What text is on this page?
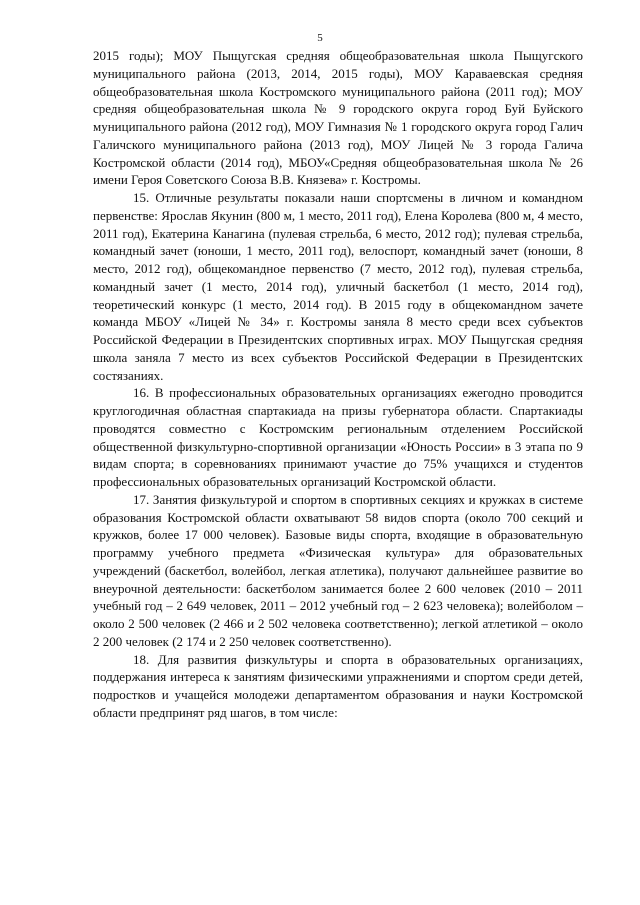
5

2015 годы); МОУ Пыщугская средняя общеобразовательная школа Пыщугского муниципального района (2013, 2014, 2015 годы), МОУ Караваевская средняя общеобразовательная школа Костромского муниципального района (2011 год); МОУ средняя общеобразовательная школа № 9 городского округа город Буй Буйского муниципального района (2012 год), МОУ Гимназия № 1 городского округа город Галич Галичского муниципального района (2013 год), МОУ Лицей № 3 города Галича Костромской области (2014 год), МБОУ«Средняя общеобразовательная школа № 26 имени Героя Советского Союза В.В. Князева» г. Костромы.

15. Отличные результаты показали наши спортсмены в личном и командном первенстве: Ярослав Якунин (800 м, 1 место, 2011 год), Елена Королева (800 м, 4 место, 2011 год), Екатерина Канагина (пулевая стрельба, 6 место, 2012 год); пулевая стрельба, командный зачет (юноши, 1 место, 2011 год), велоспорт, командный зачет (юноши, 8 место, 2012 год), общекомандное первенство (7 место, 2012 год), пулевая стрельба, командный зачет (1 место, 2014 год), уличный баскетбол (1 место, 2014 год), теоретический конкурс (1 место, 2014 год). В 2015 году в общекомандном зачете команда МБОУ «Лицей № 34» г. Костромы заняла 8 место среди всех субъектов Российской Федерации в Президентских спортивных играх. МОУ Пыщугская средняя школа заняла 7 место из всех субъектов Российской Федерации в Президентских состязаниях.

16. В профессиональных образовательных организациях ежегодно проводится круглогодичная областная спартакиада на призы губернатора области. Спартакиады проводятся совместно с Костромским региональным отделением Российской общественной физкультурно-спортивной организации «Юность России» в 3 этапа по 9 видам спорта; в соревнованиях принимают участие до 75% учащихся и студентов профессиональных образовательных организаций Костромской области.

17. Занятия физкультурой и спортом в спортивных секциях и кружках в системе образования Костромской области охватывают 58 видов спорта (около 700 секций и кружков, более 17 000 человек). Базовые виды спорта, входящие в образовательную программу учебного предмета «Физическая культура» для образовательных учреждений (баскетбол, волейбол, легкая атлетика), получают дальнейшее развитие во внеурочной деятельности: баскетболом занимается более 2 600 человек (2010 – 2011 учебный год – 2 649 человек, 2011 – 2012 учебный год – 2 623 человека); волейболом – около 2 500 человек (2 466 и 2 502 человека соответственно); легкой атлетикой – около 2 200 человек (2 174 и 2 250 человек соответственно).

18. Для развития физкультуры и спорта в образовательных организациях, поддержания интереса к занятиям физическими упражнениями и спортом среди детей, подростков и учащейся молодежи департаментом образования и науки Костромской области предпринят ряд шагов, в том числе:
